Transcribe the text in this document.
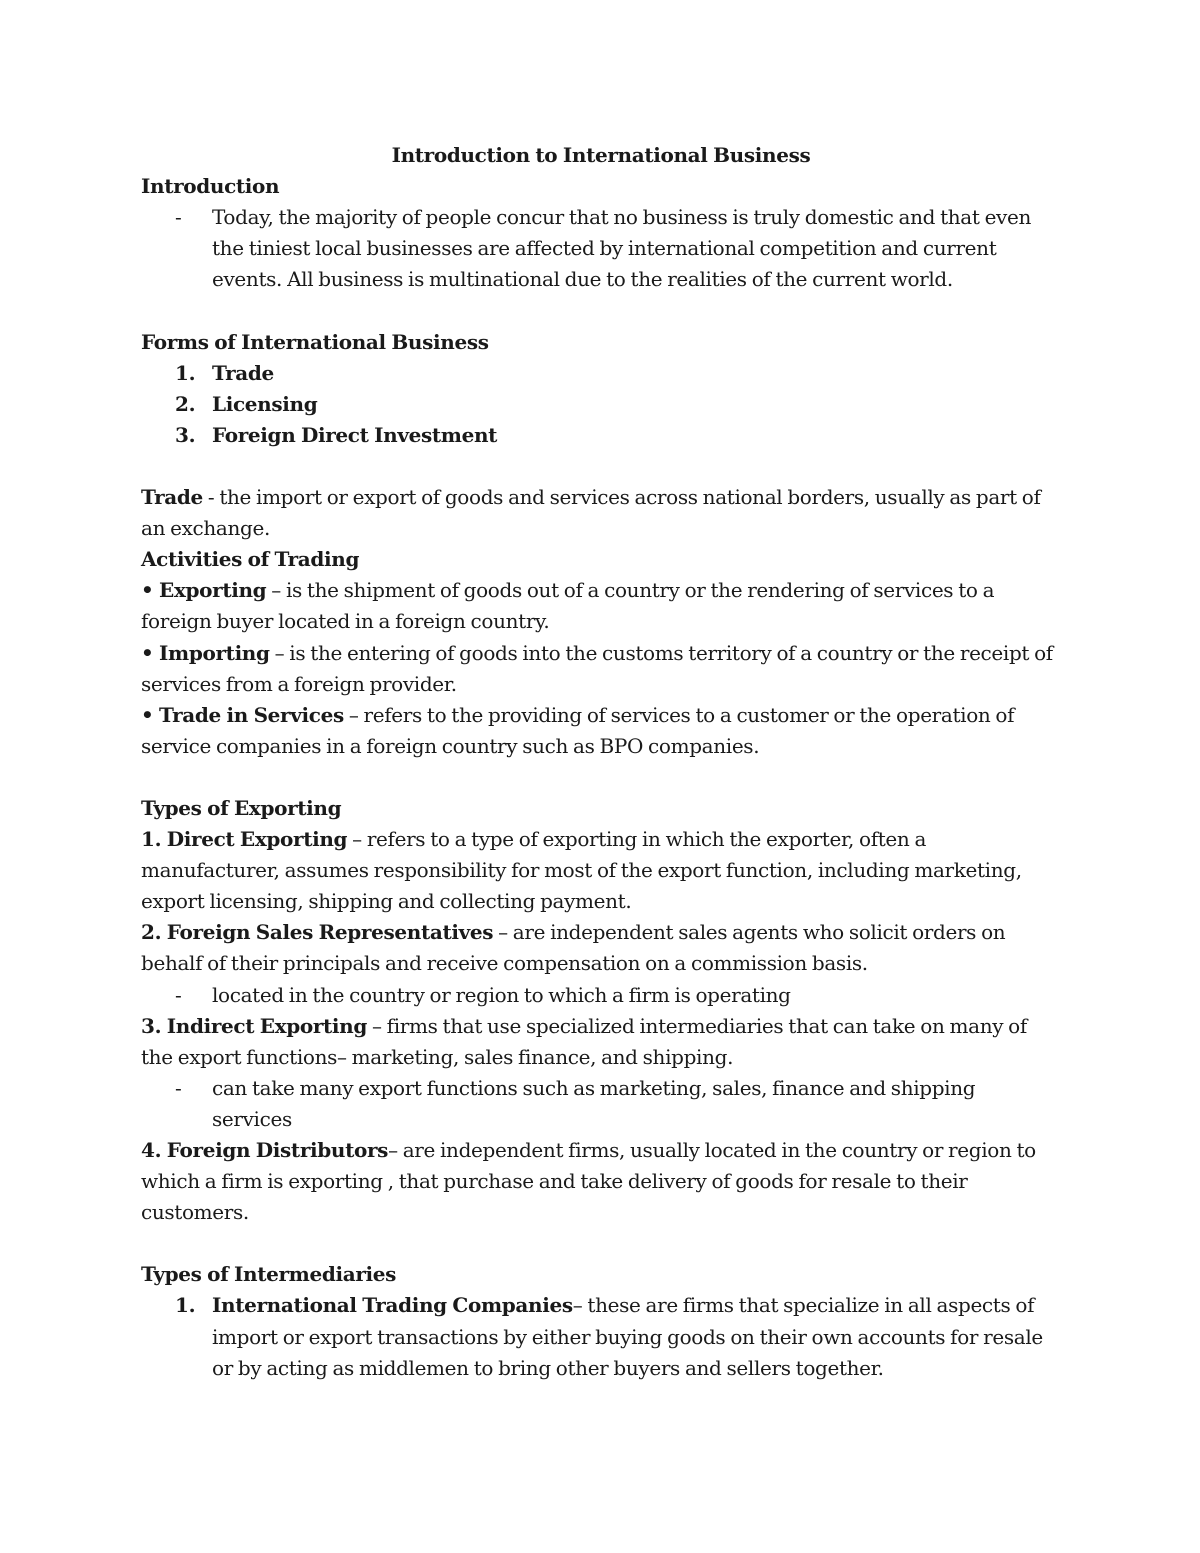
Introduction to International Business

Introduction

- Today, the majority of people concur that no business is truly domestic and that even the tiniest local businesses are affected by international competition and current events. All business is multinational due to the realities of the current world.

Forms of International Business

1. Trade

2. Licensing

3. Foreign Direct Investment

Trade - the import or export of goods and services across national borders, usually as part of an exchange.

Activities of Trading

• Exporting – is the shipment of goods out of a country or the rendering of services to a foreign buyer located in a foreign country.

• Importing – is the entering of goods into the customs territory of a country or the receipt of services from a foreign provider.

• Trade in Services – refers to the providing of services to a customer or the operation of service companies in a foreign country such as BPO companies.

Types of Exporting

1. Direct Exporting – refers to a type of exporting in which the exporter, often a manufacturer, assumes responsibility for most of the export function, including marketing, export licensing, shipping and collecting payment.

2. Foreign Sales Representatives – are independent sales agents who solicit orders on behalf of their principals and receive compensation on a commission basis.

- located in the country or region to which a firm is operating

3. Indirect Exporting – firms that use specialized intermediaries that can take on many of the export functions– marketing, sales finance, and shipping.

- can take many export functions such as marketing, sales, finance and shipping services

4. Foreign Distributors– are independent firms, usually located in the country or region to which a firm is exporting , that purchase and take delivery of goods for resale to their customers.

Types of Intermediaries

1. International Trading Companies– these are firms that specialize in all aspects of import or export transactions by either buying goods on their own accounts for resale or by acting as middlemen to bring other buyers and sellers together.
